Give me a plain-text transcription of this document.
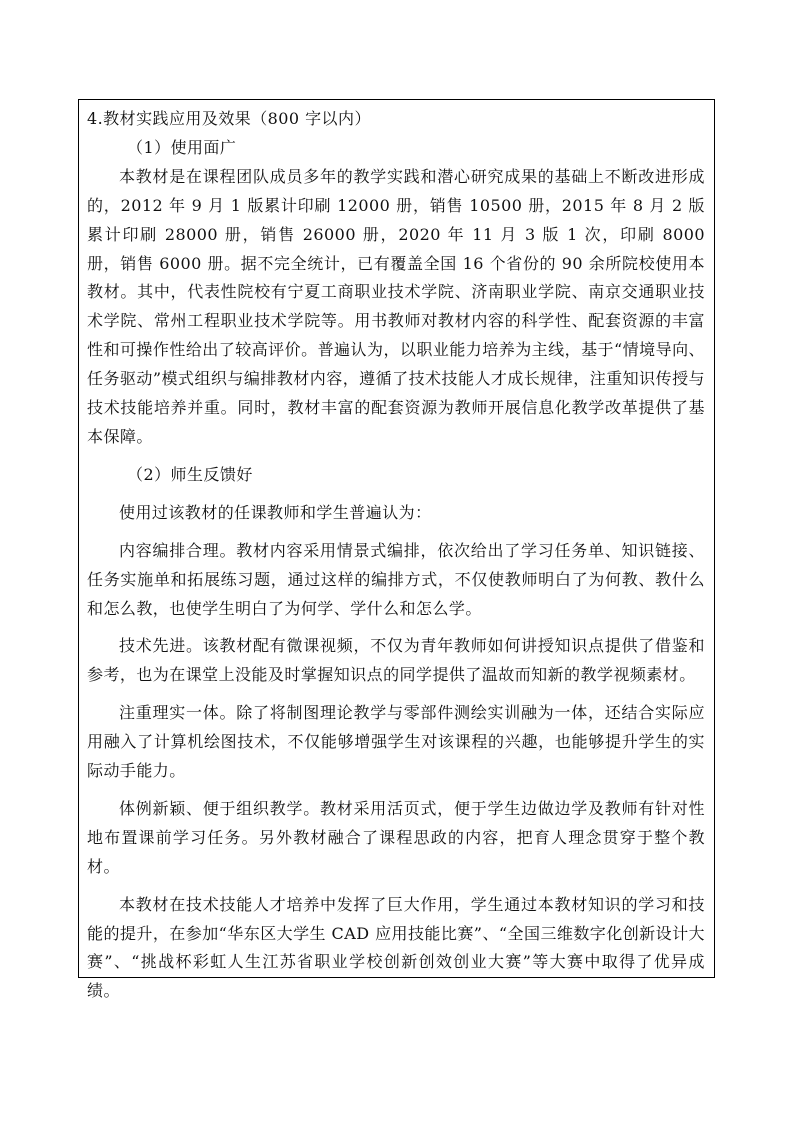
4.教材实践应用及效果（800 字以内）

（1）使用面广

本教材是在课程团队成员多年的教学实践和潜心研究成果的基础上不断改进形成的，2012 年 9 月 1 版累计印刷 12000 册，销售 10500 册，2015 年 8 月 2 版累计印刷 28000 册，销售 26000 册，2020 年 11 月 3 版 1 次，印刷 8000 册，销售 6000 册。据不完全统计，已有覆盖全国 16 个省份的 90 余所院校使用本教材。其中，代表性院校有宁夏工商职业技术学院、济南职业学院、南京交通职业技术学院、常州工程职业技术学院等。用书教师对教材内容的科学性、配套资源的丰富性和可操作性给出了较高评价。普遍认为，以职业能力培养为主线，基于“情境导向、任务驱动”模式组织与编排教材内容，遵循了技术技能人才成长规律，注重知识传授与技术技能培养并重。同时，教材丰富的配套资源为教师开展信息化教学改革提供了基本保障。

（2）师生反馈好

使用过该教材的任课教师和学生普遍认为：

内容编排合理。教材内容采用情景式编排，依次给出了学习任务单、知识链接、任务实施单和拓展练习题，通过这样的编排方式，不仅使教师明白了为何教、教什么和怎么教，也使学生明白了为何学、学什么和怎么学。

技术先进。该教材配有微课视频，不仅为青年教师如何讲授知识点提供了借鉴和参考，也为在课堂上没能及时掌握知识点的同学提供了温故而知新的教学视频素材。

注重理实一体。除了将制图理论教学与零部件测绘实训融为一体，还结合实际应用融入了计算机绘图技术，不仅能够增强学生对该课程的兴趣，也能够提升学生的实际动手能力。

体例新颖、便于组织教学。教材采用活页式，便于学生边做边学及教师有针对性地布置课前学习任务。另外教材融合了课程思政的内容，把育人理念贯穿于整个教材。

本教材在技术技能人才培养中发挥了巨大作用，学生通过本教材知识的学习和技能的提升，在参加“华东区大学生 CAD 应用技能比赛”、“全国三维数字化创新设计大赛”、“挑战杯彩虹人生江苏省职业学校创新创效创业大赛”等大赛中取得了优异成绩。
